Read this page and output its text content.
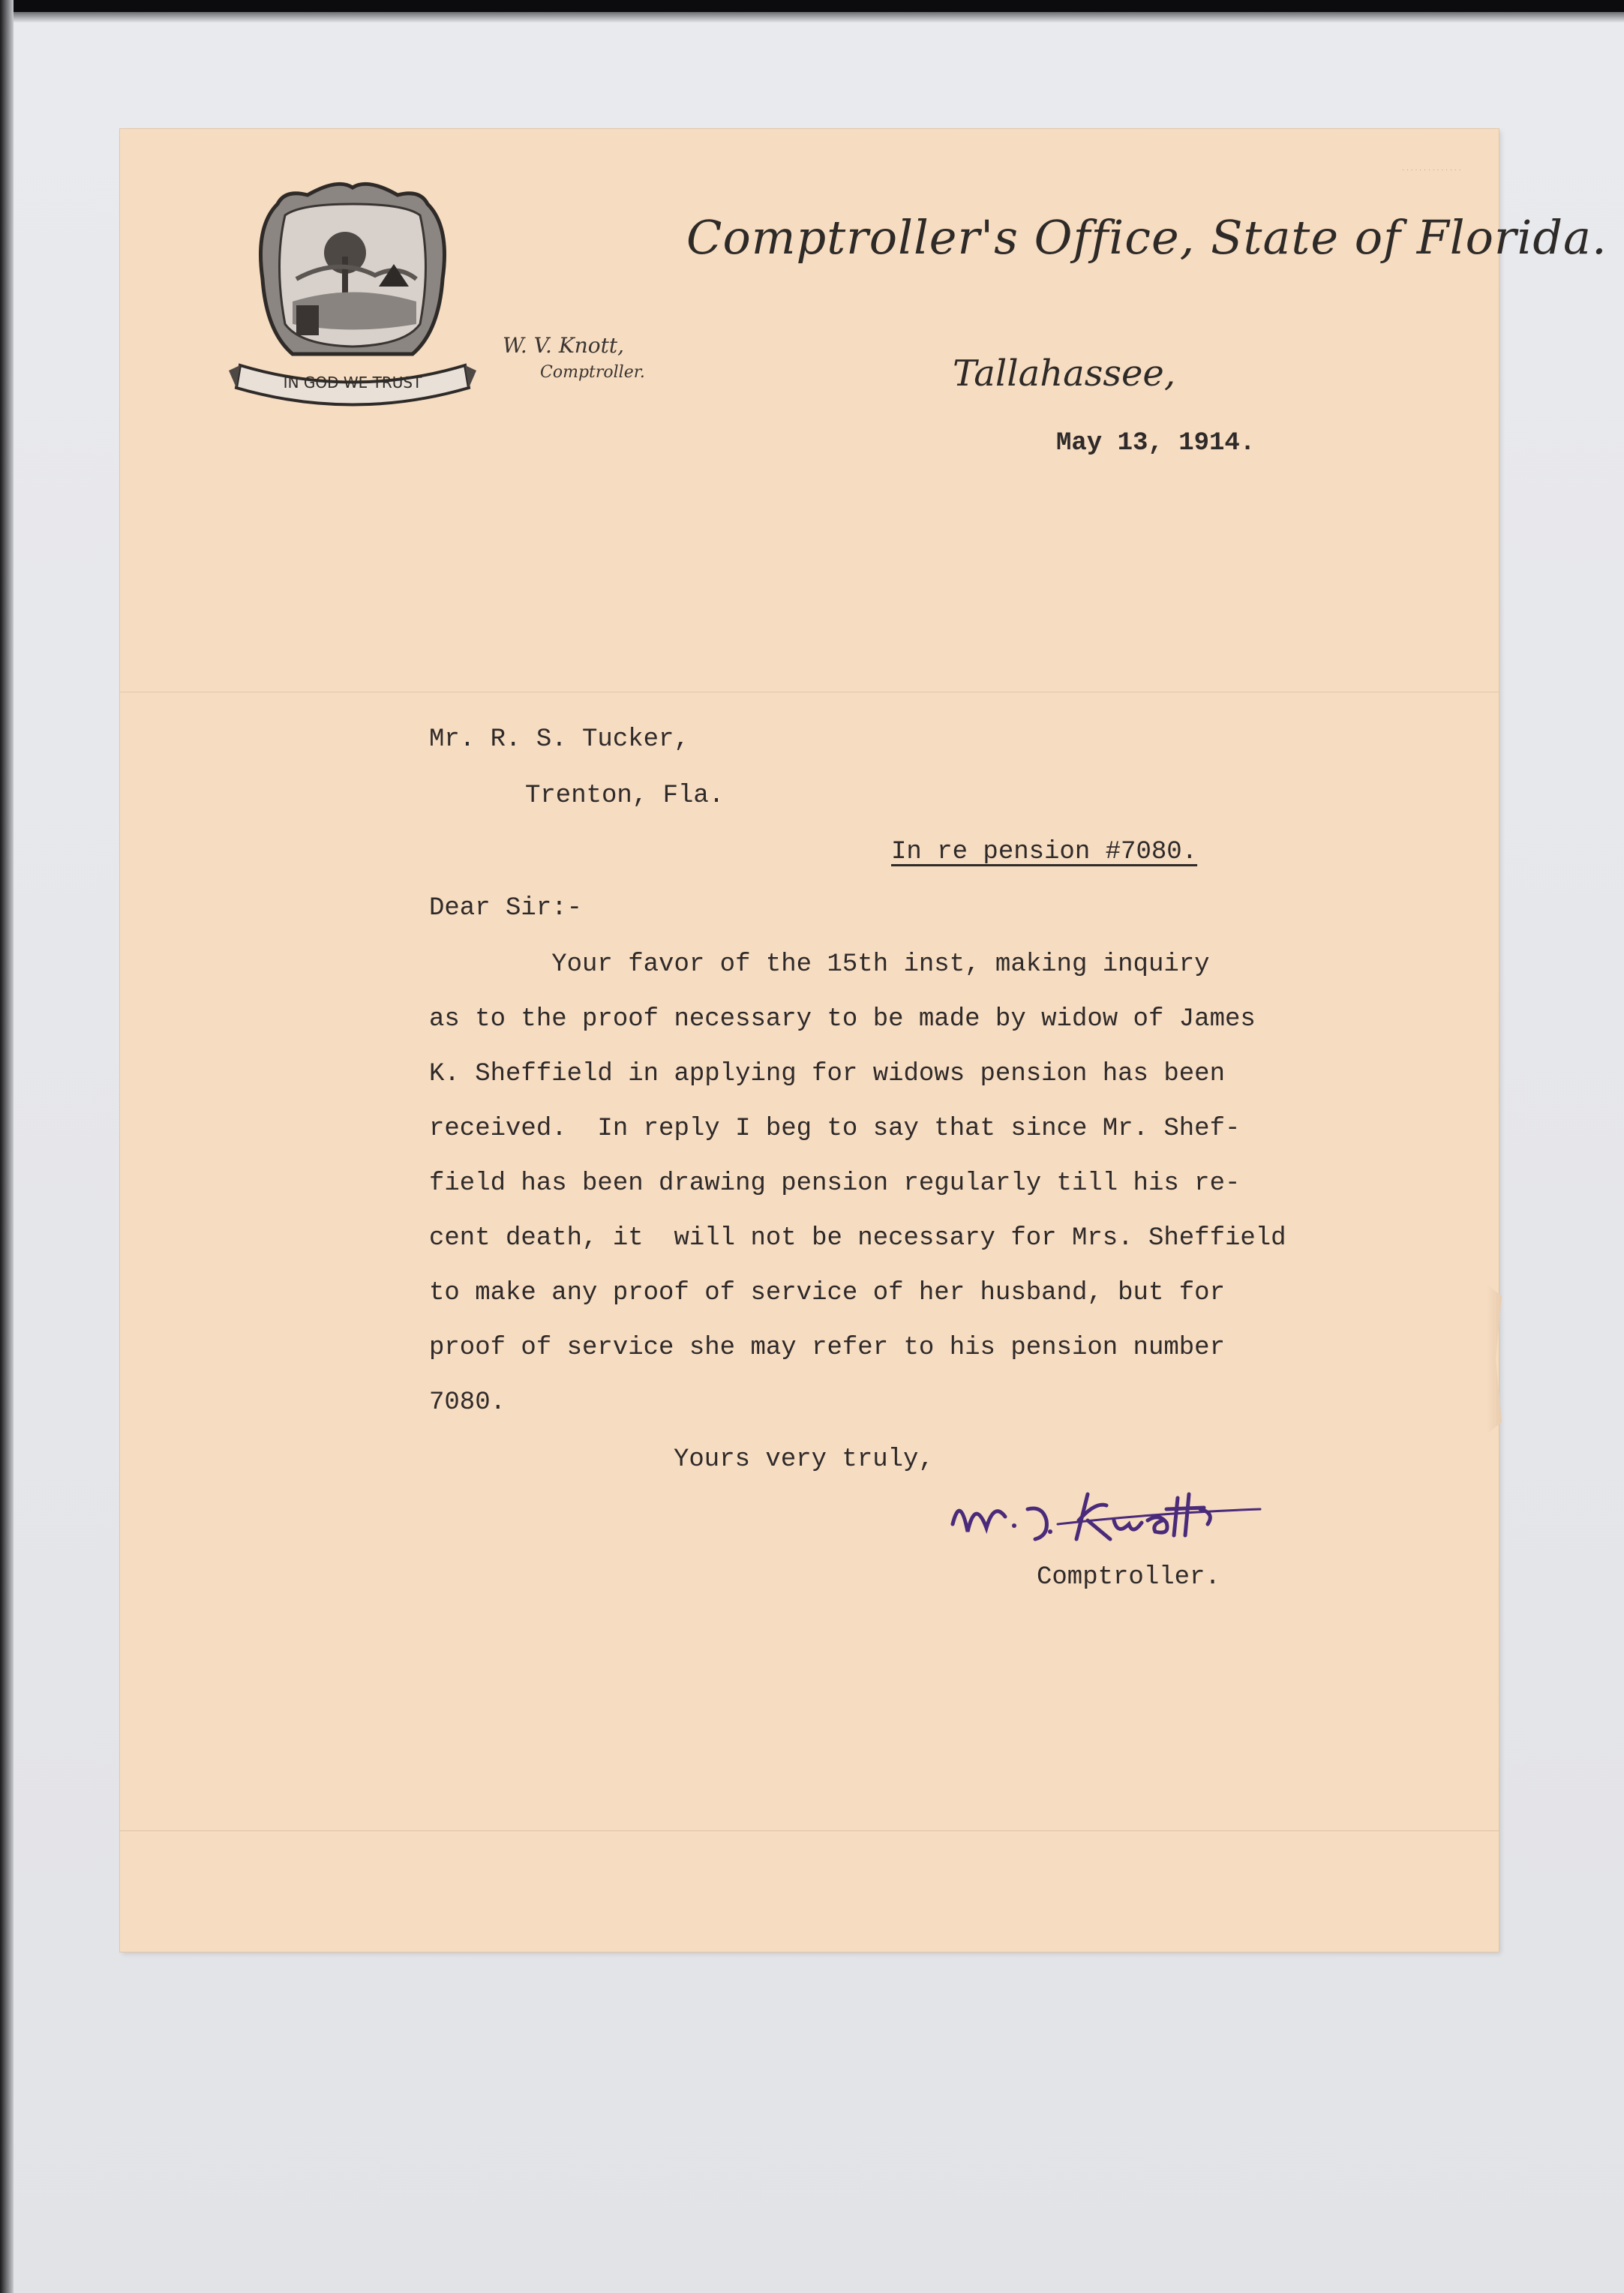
· · · · · · · · · · · · · ·
IN GOD WE TRUST
Comptroller's Office, State of Florida.
W. V. Knott,
Comptroller.	Tallahassee,
May 13, 1914.
Mr. R. S. Tucker,
Trenton, Fla.
In re pension #7080.
Dear Sir:-
Your favor of the 15th inst, making inquiry
as to the proof necessary to be made by widow of James
K. Sheffield in applying for widows pension has been
received.  In reply I beg to say that since Mr. Shef-
field has been drawing pension regularly till his re-
cent death, it  will not be necessary for Mrs. Sheffield
to make any proof of service of her husband, but for
proof of service she may refer to his pension number
7080.
Yours very truly,
Comptroller.
